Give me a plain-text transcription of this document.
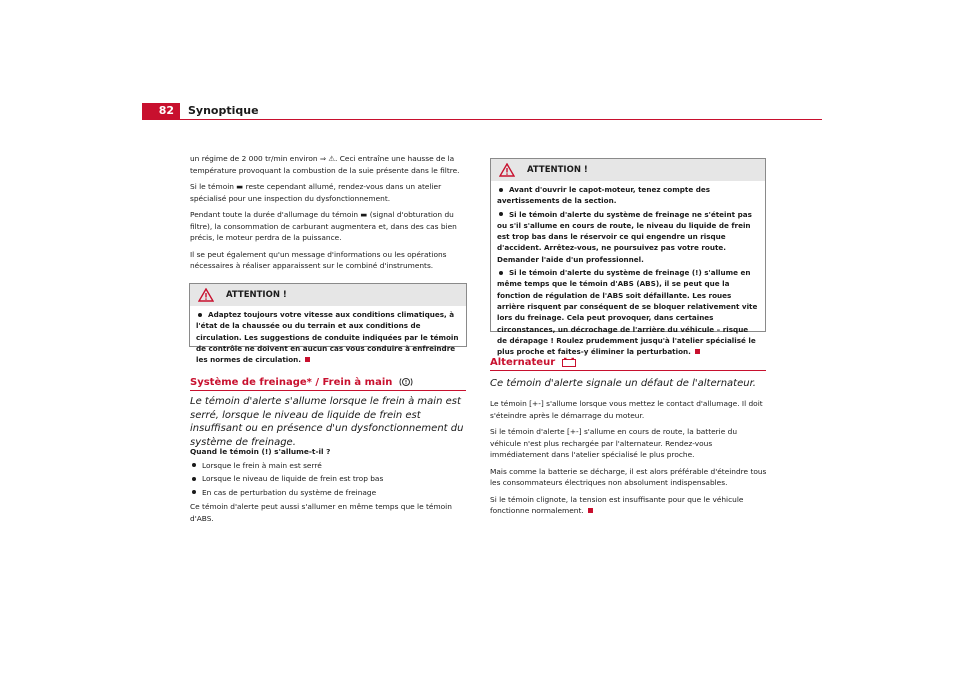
82	Synoptique

un régime de 2 000 tr/min environ ⇒ ⚠. Ceci entraîne une hausse de la température provoquant la combustion de la suie présente dans le filtre.

Si le témoin ▬ reste cependant allumé, rendez-vous dans un atelier spécialisé pour une inspection du dysfonctionnement.

Pendant toute la durée d'allumage du témoin ▬ (signal d'obturation du filtre), la consommation de carburant augmentera et, dans des cas bien précis, le moteur perdra de la puissance.

Il se peut également qu'un message d'informations ou les opérations nécessaires à réaliser apparaissent sur le combiné d'instruments.

ATTENTION !
Adaptez toujours votre vitesse aux conditions climatiques, à l'état de la chaussée ou du terrain et aux conditions de circulation. Les suggestions de conduite indiquées par le témoin de contrôle ne doivent en aucun cas vous conduire à enfreindre les normes de circulation.
Système de freinage* / Frein à main
Le témoin d'alerte s'allume lorsque le frein à main est serré, lorsque le niveau de liquide de frein est insuffisant ou en présence d'un dysfonctionnement du système de freinage.
Quand le témoin (!) s'allume-t-il ?
Lorsque le frein à main est serré
Lorsque le niveau de liquide de frein est trop bas
En cas de perturbation du système de freinage
Ce témoin d'alerte peut aussi s'allumer en même temps que le témoin d'ABS.
ATTENTION !
Avant d'ouvrir le capot-moteur, tenez compte des avertissements de la section.
Si le témoin d'alerte du système de freinage ne s'éteint pas ou s'il s'allume en cours de route, le niveau du liquide de frein est trop bas dans le réservoir ce qui engendre un risque d'accident. Arrêtez-vous, ne poursuivez pas votre route. Demander l'aide d'un professionnel.
Si le témoin d'alerte du système de freinage (!) s'allume en même temps que le témoin d'ABS (ABS), il se peut que la fonction de régulation de l'ABS soit défaillante. Les roues arrière risquent par conséquent de se bloquer relativement vite lors du freinage. Cela peut provoquer, dans certaines circonstances, un décrochage de l'arrière du véhicule – risque de dérapage ! Roulez prudemment jusqu'à l'atelier spécialisé le plus proche et faites-y éliminer la perturbation.
Alternateur
Ce témoin d'alerte signale un défaut de l'alternateur.

Le témoin [+-] s'allume lorsque vous mettez le contact d'allumage. Il doit s'éteindre après le démarrage du moteur.

Si le témoin d'alerte [+-] s'allume en cours de route, la batterie du véhicule n'est plus rechargée par l'alternateur. Rendez-vous immédiatement dans l'atelier spécialisé le plus proche.

Mais comme la batterie se décharge, il est alors préférable d'éteindre tous les consommateurs électriques non absolument indispensables.

Si le témoin clignote, la tension est insuffisante pour que le véhicule fonctionne normalement.
